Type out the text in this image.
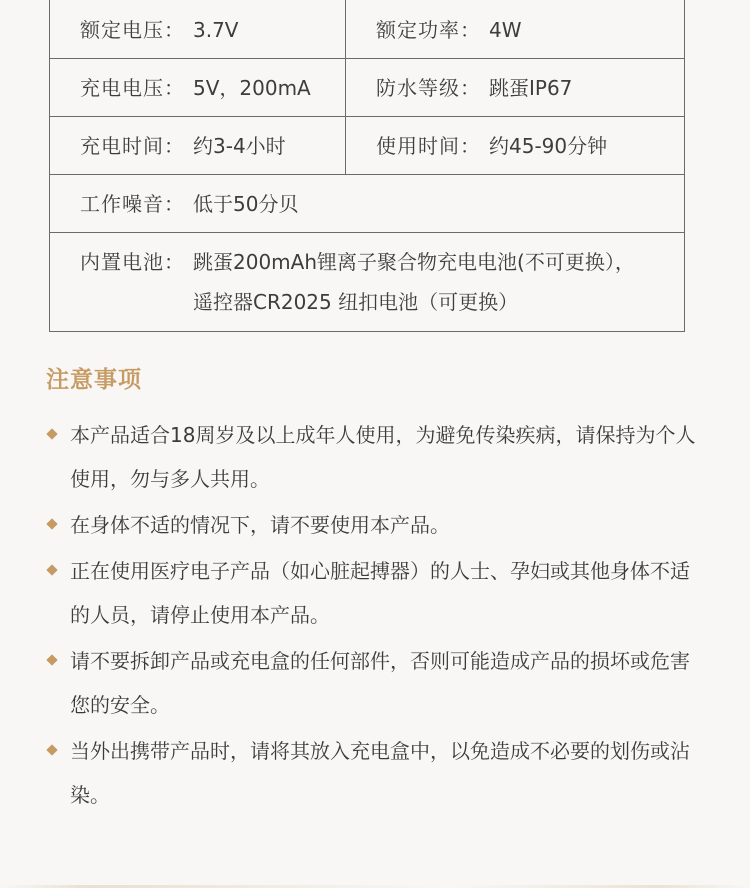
额定电压： 3.7V	额定功率： 4W
充电电压： 5V，200mA	防水等级： 跳蛋IP67
充电时间： 约3-4小时	使用时间： 约45-90分钟
工作噪音： 低于50分贝	

内置电池： 跳蛋200mAh锂离子聚合物充电电池(不可更换），
遥控器CR2025 纽扣电池（可更换）	
注意事项
本产品适合18周岁及以上成年人使用，为避免传染疾病，请保持为个人使用，勿与多人共用。
在身体不适的情况下，请不要使用本产品。
正在使用医疗电子产品（如心脏起搏器）的人士、孕妇或其他身体不适的人员，请停止使用本产品。
请不要拆卸产品或充电盒的任何部件，否则可能造成产品的损坏或危害您的安全。
当外出携带产品时，请将其放入充电盒中，以免造成不必要的划伤或沾染。
